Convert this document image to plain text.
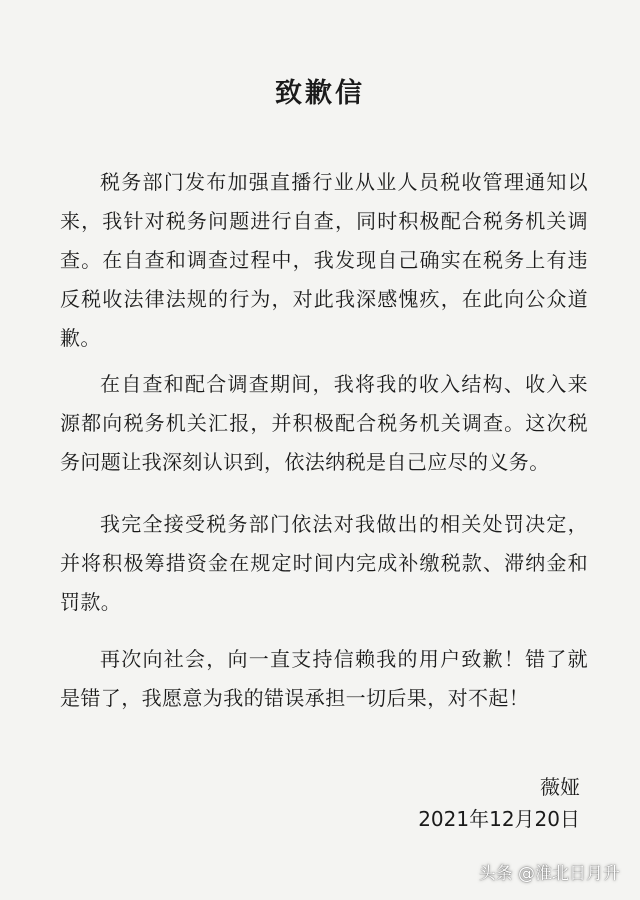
致歉信

税务部门发布加强直播行业从业人员税收管理通知以来，我针对税务问题进行自查，同时积极配合税务机关调查。在自查和调查过程中，我发现自己确实在税务上有违反税收法律法规的行为，对此我深感愧疚，在此向公众道歉。

在自查和配合调查期间，我将我的收入结构、收入来源都向税务机关汇报，并积极配合税务机关调查。这次税务问题让我深刻认识到，依法纳税是自己应尽的义务。

我完全接受税务部门依法对我做出的相关处罚决定，并将积极筹措资金在规定时间内完成补缴税款、滞纳金和罚款。

再次向社会，向一直支持信赖我的用户致歉！错了就是错了，我愿意为我的错误承担一切后果，对不起！

薇娅
2021年12月20日
头条 @淮北日月升
